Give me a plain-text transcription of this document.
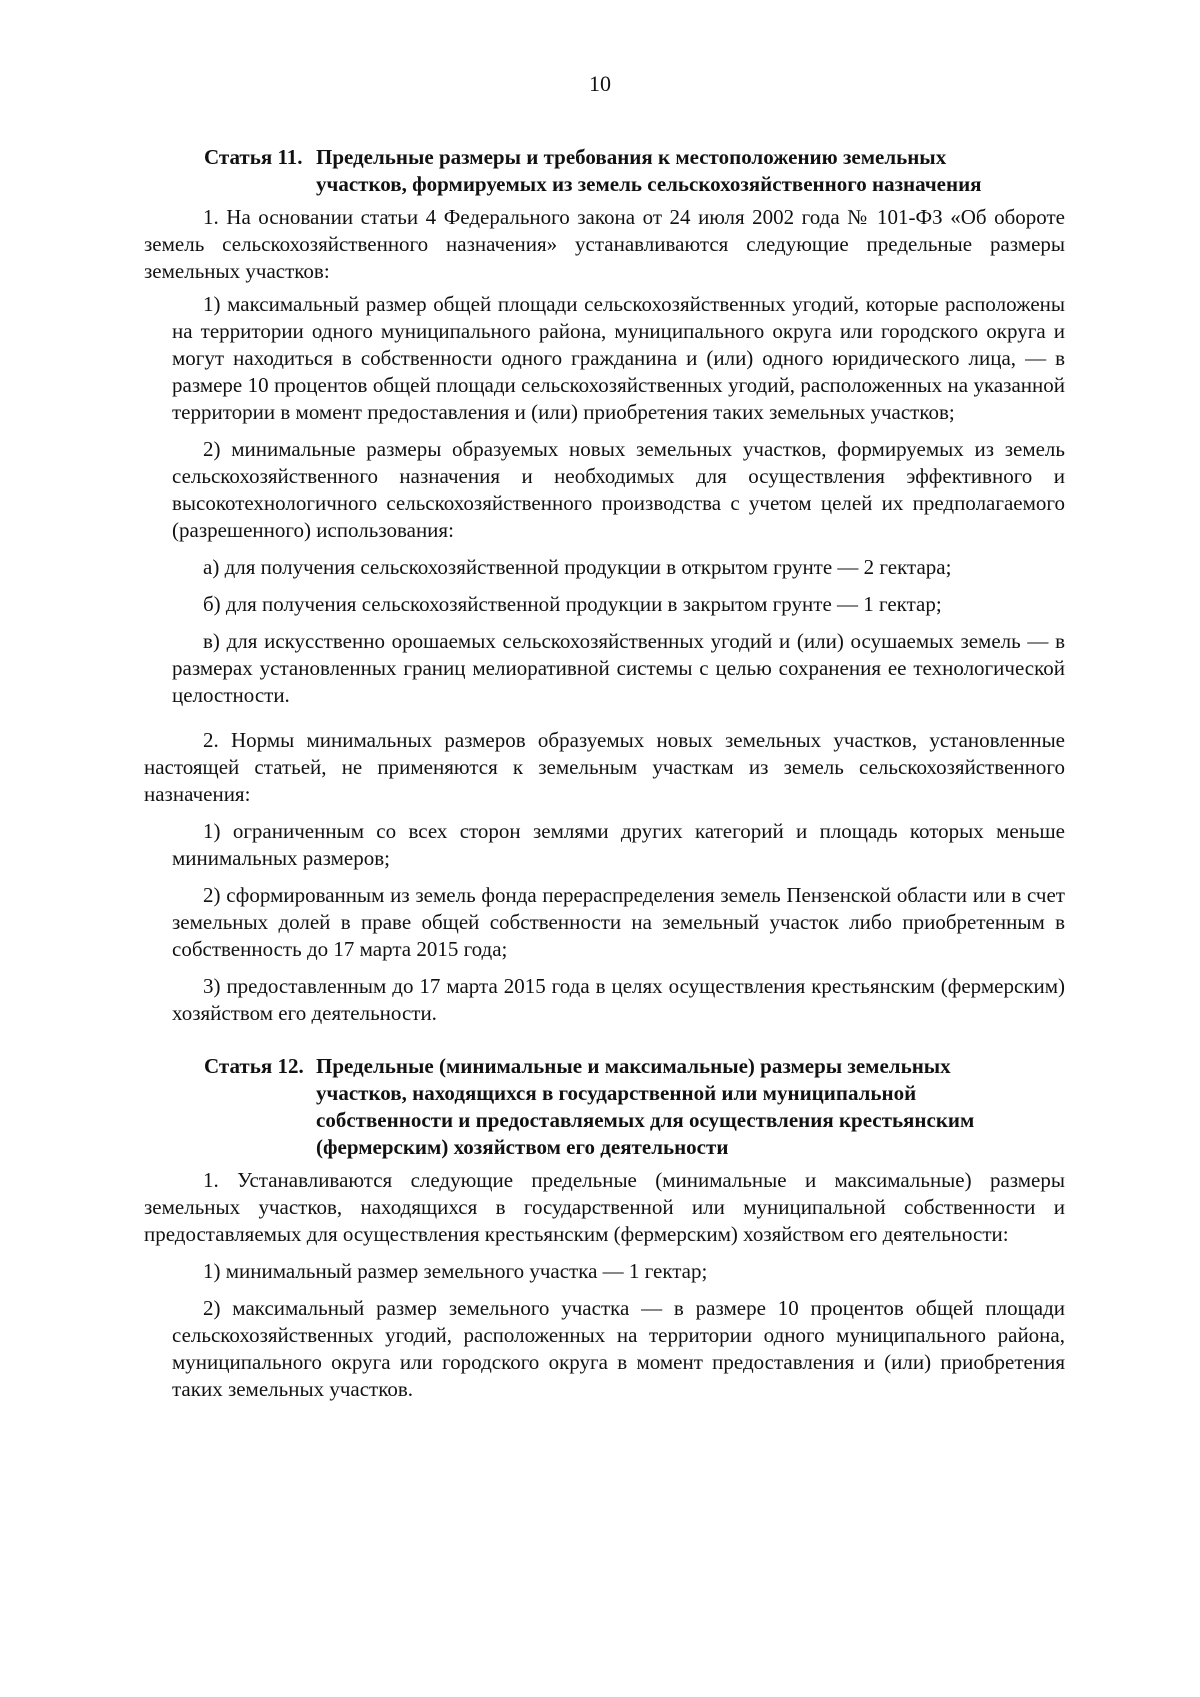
10
Статья 11. Предельные размеры и требования к местоположению земельных участков, формируемых из земель сельскохозяйственного назначения

1. На основании статьи 4 Федерального закона от 24 июля 2002 года № 101-ФЗ «Об обороте земель сельскохозяйственного назначения» устанавливаются следующие предельные размеры земельных участков:

1) максимальный размер общей площади сельскохозяйственных угодий, которые расположены на территории одного муниципального района, муниципального округа или городского округа и могут находиться в собственности одного гражданина и (или) одного юридического лица, — в размере 10 процентов общей площади сельскохозяйственных угодий, расположенных на указанной территории в момент предоставления и (или) приобретения таких земельных участков;

2) минимальные размеры образуемых новых земельных участков, формируемых из земель сельскохозяйственного назначения и необходимых для осуществления эффективного и высокотехнологичного сельскохозяйственного производства с учетом целей их предполагаемого (разрешенного) использования:

а) для получения сельскохозяйственной продукции в открытом грунте — 2 гектара;

б) для получения сельскохозяйственной продукции в закрытом грунте — 1 гектар;

в) для искусственно орошаемых сельскохозяйственных угодий и (или) осушаемых земель — в размерах установленных границ мелиоративной системы с целью сохранения ее технологической целостности.

2. Нормы минимальных размеров образуемых новых земельных участков, установленные настоящей статьей, не применяются к земельным участкам из земель сельскохозяйственного назначения:

1) ограниченным со всех сторон землями других категорий и площадь которых меньше минимальных размеров;

2) сформированным из земель фонда перераспределения земель Пензенской области или в счет земельных долей в праве общей собственности на земельный участок либо приобретенным в собственность до 17 марта 2015 года;

3) предоставленным до 17 марта 2015 года в целях осуществления крестьянским (фермерским) хозяйством его деятельности.

Статья 12. Предельные (минимальные и максимальные) размеры земельных участков, находящихся в государственной или муниципальной собственности и предоставляемых для осуществления крестьянским (фермерским) хозяйством его деятельности

1. Устанавливаются следующие предельные (минимальные и максимальные) размеры земельных участков, находящихся в государственной или муниципальной собственности и предоставляемых для осуществления крестьянским (фермерским) хозяйством его деятельности:

1) минимальный размер земельного участка — 1 гектар;

2) максимальный размер земельного участка — в размере 10 процентов общей площади сельскохозяйственных угодий, расположенных на территории одного муниципального района, муниципального округа или городского округа в момент предоставления и (или) приобретения таких земельных участков.
